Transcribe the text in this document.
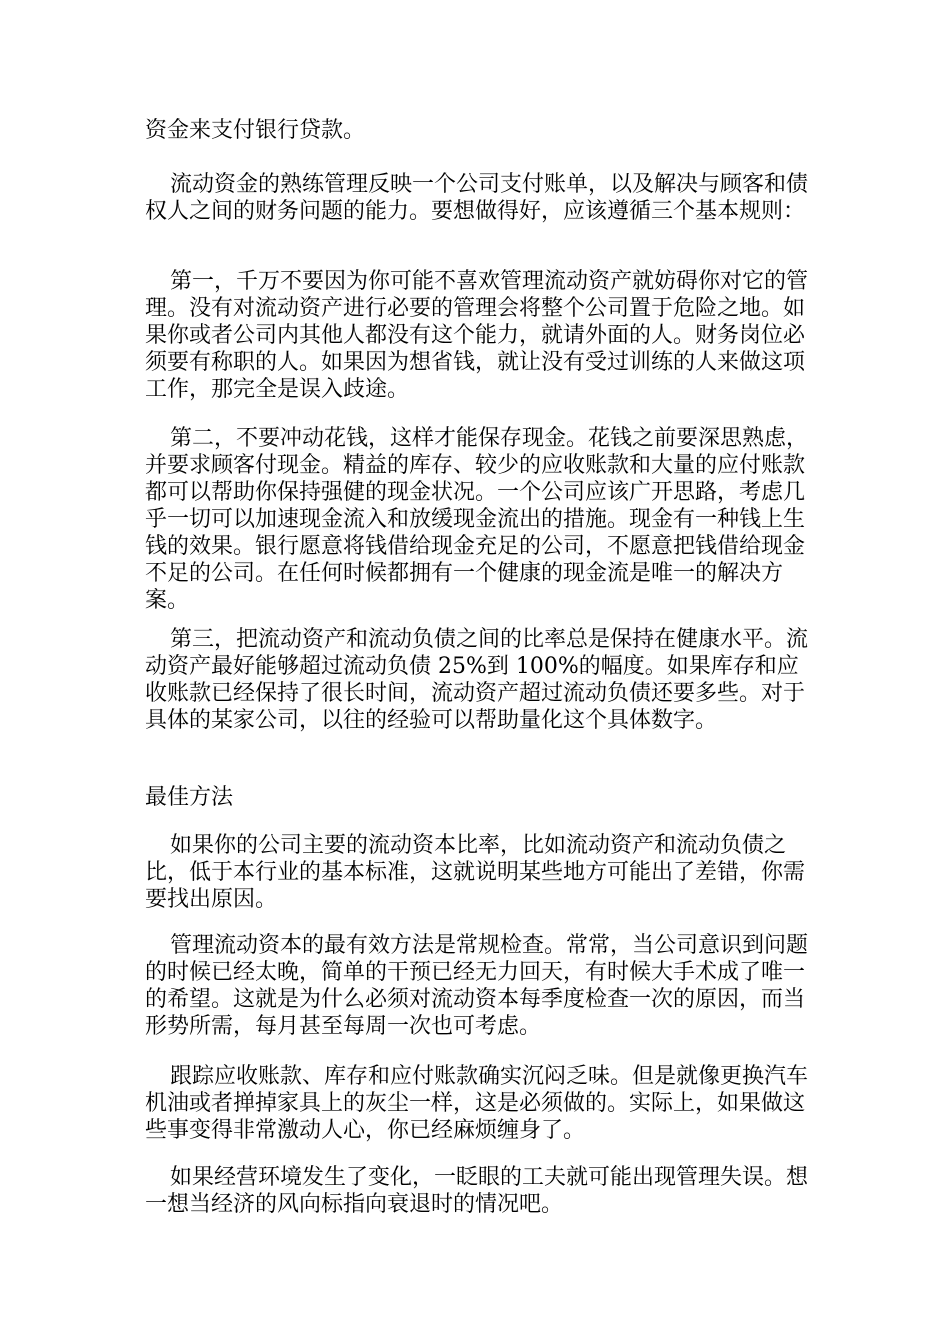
资金来支付银行贷款。

流动资金的熟练管理反映一个公司支付账单，以及解决与顾客和债权人之间的财务问题的能力。要想做得好，应该遵循三个基本规则：

第一，千万不要因为你可能不喜欢管理流动资产就妨碍你对它的管理。没有对流动资产进行必要的管理会将整个公司置于危险之地。如果你或者公司内其他人都没有这个能力，就请外面的人。财务岗位必须要有称职的人。如果因为想省钱，就让没有受过训练的人来做这项工作，那完全是误入歧途。

第二，不要冲动花钱，这样才能保存现金。花钱之前要深思熟虑，并要求顾客付现金。精益的库存、较少的应收账款和大量的应付账款都可以帮助你保持强健的现金状况。一个公司应该广开思路，考虑几乎一切可以加速现金流入和放缓现金流出的措施。现金有一种钱上生钱的效果。银行愿意将钱借给现金充足的公司，不愿意把钱借给现金不足的公司。在任何时候都拥有一个健康的现金流是唯一的解决方案。

第三，把流动资产和流动负债之间的比率总是保持在健康水平。流动资产最好能够超过流动负债 25%到 100%的幅度。如果库存和应收账款已经保持了很长时间，流动资产超过流动负债还要多些。对于具体的某家公司，以往的经验可以帮助量化这个具体数字。

最佳方法

如果你的公司主要的流动资本比率，比如流动资产和流动负债之比，低于本行业的基本标准，这就说明某些地方可能出了差错，你需要找出原因。

管理流动资本的最有效方法是常规检查。常常，当公司意识到问题的时候已经太晚，简单的干预已经无力回天，有时候大手术成了唯一的希望。这就是为什么必须对流动资本每季度检查一次的原因，而当形势所需，每月甚至每周一次也可考虑。

跟踪应收账款、库存和应付账款确实沉闷乏味。但是就像更换汽车机油或者掸掉家具上的灰尘一样，这是必须做的。实际上，如果做这些事变得非常激动人心，你已经麻烦缠身了。

如果经营环境发生了变化，一眨眼的工夫就可能出现管理失误。想一想当经济的风向标指向衰退时的情况吧。
